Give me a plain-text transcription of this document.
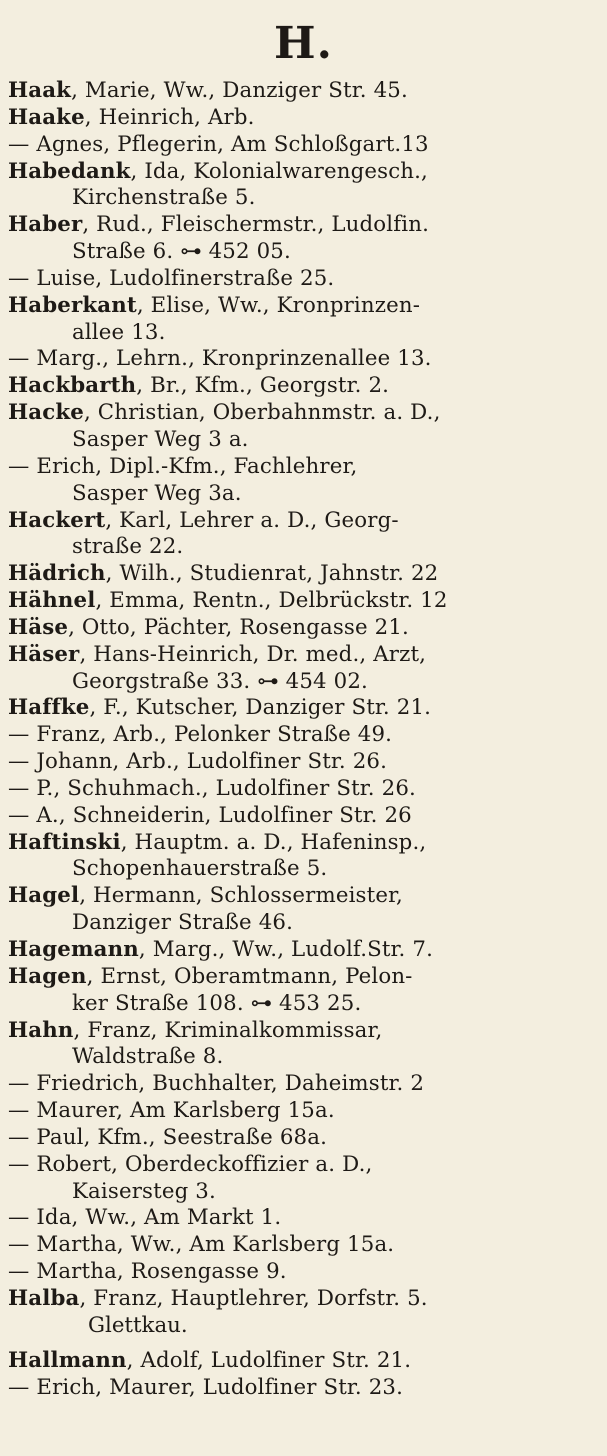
H.
Haak, Marie, Ww., Danziger Str. 45.
Haake, Heinrich, Arb.
— Agnes, Pflegerin, Am Schloßgart.13
Habedank, Ida, Kolonialwarengesch.,
Kirchenstraße 5.
Haber, Rud., Fleischermstr., Ludolfin.
Straße 6. ⊶ 452 05.
— Luise, Ludolfinerstraße 25.
Haberkant, Elise, Ww., Kronprinzen-
allee 13.
— Marg., Lehrn., Kronprinzenallee 13.
Hackbarth, Br., Kfm., Georgstr. 2.
Hacke, Christian, Oberbahnmstr. a. D.,
Sasper Weg 3 a.
— Erich, Dipl.-Kfm., Fachlehrer,
Sasper Weg 3a.
Hackert, Karl, Lehrer a. D., Georg-
straße 22.
Hädrich, Wilh., Studienrat, Jahnstr. 22
Hähnel, Emma, Rentn., Delbrückstr. 12
Häse, Otto, Pächter, Rosengasse 21.
Häser, Hans-Heinrich, Dr. med., Arzt,
Georgstraße 33. ⊶ 454 02.
Haffke, F., Kutscher, Danziger Str. 21.
— Franz, Arb., Pelonker Straße 49.
— Johann, Arb., Ludolfiner Str. 26.
— P., Schuhmach., Ludolfiner Str. 26.
— A., Schneiderin, Ludolfiner Str. 26
Haftinski, Hauptm. a. D., Hafeninsp.,
Schopenhauerstraße 5.
Hagel, Hermann, Schlossermeister,
Danziger Straße 46.
Hagemann, Marg., Ww., Ludolf.Str. 7.
Hagen, Ernst, Oberamtmann, Pelon-
ker Straße 108. ⊶ 453 25.
Hahn, Franz, Kriminalkommissar,
Waldstraße 8.
— Friedrich, Buchhalter, Daheimstr. 2
— Maurer, Am Karlsberg 15a.
— Paul, Kfm., Seestraße 68a.
— Robert, Oberdeckoffizier a. D.,
Kaisersteg 3.
— Ida, Ww., Am Markt 1.
— Martha, Ww., Am Karlsberg 15a.
— Martha, Rosengasse 9.
Halba, Franz, Hauptlehrer, Dorfstr. 5.
Glettkau.
Hallmann, Adolf, Ludolfiner Str. 21.
— Erich, Maurer, Ludolfiner Str. 23.
